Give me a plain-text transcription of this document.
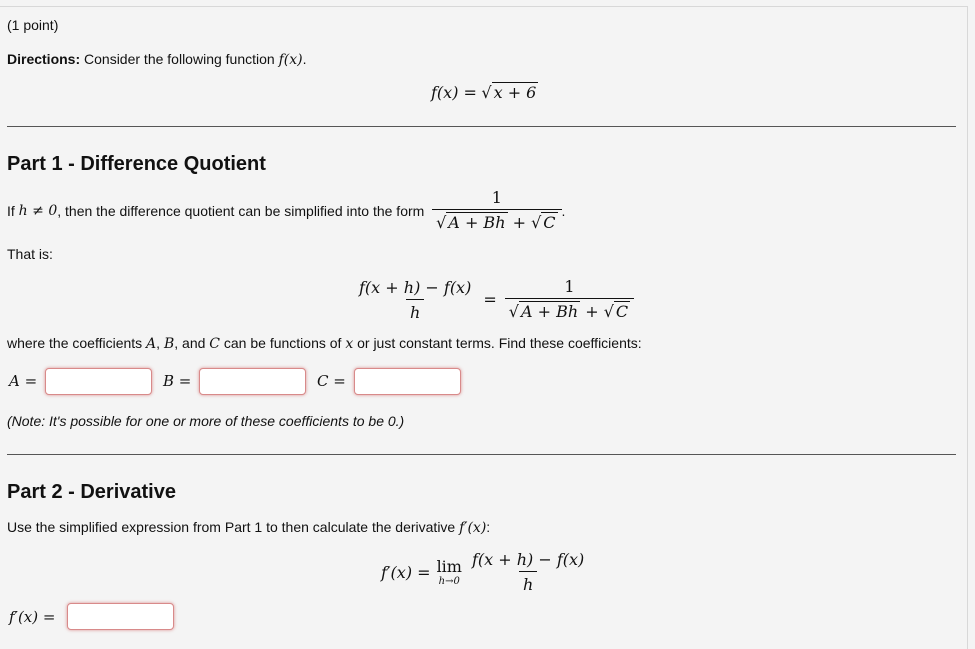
(1 point)
Directions: Consider the following function f(x).
f(x) = √ x + 6
Part 1 - Difference Quotient
If
h ≠ 0 , then the difference quotient can be simplified into the form
$\frac{1}{√ A + Bh + √ C}$ .
That is:
$\frac{f(x + h) - f(x)}{h} = \frac{1}{√ A + Bh + √ C}$
where the coefficients A, B, and C can be functions of x or just constant terms. Find these coefficients:
A =	B =	C =
(Note: It's possible for one or more of these coefficients to be 0.)
Part 2 - Derivative
Use the simplified expression from Part 1 to then calculate the derivative f′(x):
f′(x) = lim
$h\to 0 \frac{f(x + h) - f(x)}{h}$
f′(x) =
